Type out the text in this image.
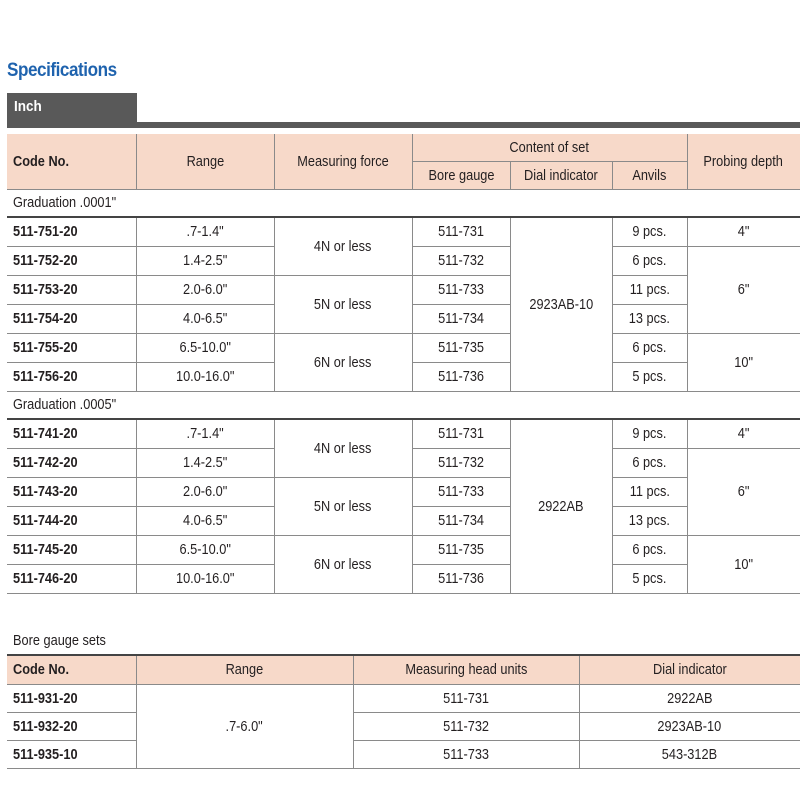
Specifications
Inch
Code No.	Range	Measuring force	Content of set			Probing depth
			Bore gauge	Dial indicator	Anvils	
Graduation .0001"						
511-751-20	.7-1.4"	4N or less	511-731	2923AB-10	9 pcs.	4"
511-752-20	1.4-2.5"		511-732		6 pcs.	6"
511-753-20	2.0-6.0"	5N or less	511-733		11 pcs.	
511-754-20	4.0-6.5"		511-734		13 pcs.	
511-755-20	6.5-10.0"	6N or less	511-735		6 pcs.	10"
511-756-20	10.0-16.0"		511-736		5 pcs.	
Graduation .0005"						
511-741-20	.7-1.4"	4N or less	511-731	2922AB	9 pcs.	4"
511-742-20	1.4-2.5"		511-732		6 pcs.	6"
511-743-20	2.0-6.0"	5N or less	511-733		11 pcs.	
511-744-20	4.0-6.5"		511-734		13 pcs.	
511-745-20	6.5-10.0"	6N or less	511-735		6 pcs.	10"
511-746-20	10.0-16.0"		511-736		5 pcs.	
Bore gauge sets			
Code No.	Range	Measuring head units	Dial indicator
511-931-20	.7-6.0"	511-731	2922AB
511-932-20		511-732	2923AB-10
511-935-10		511-733	543-312B
